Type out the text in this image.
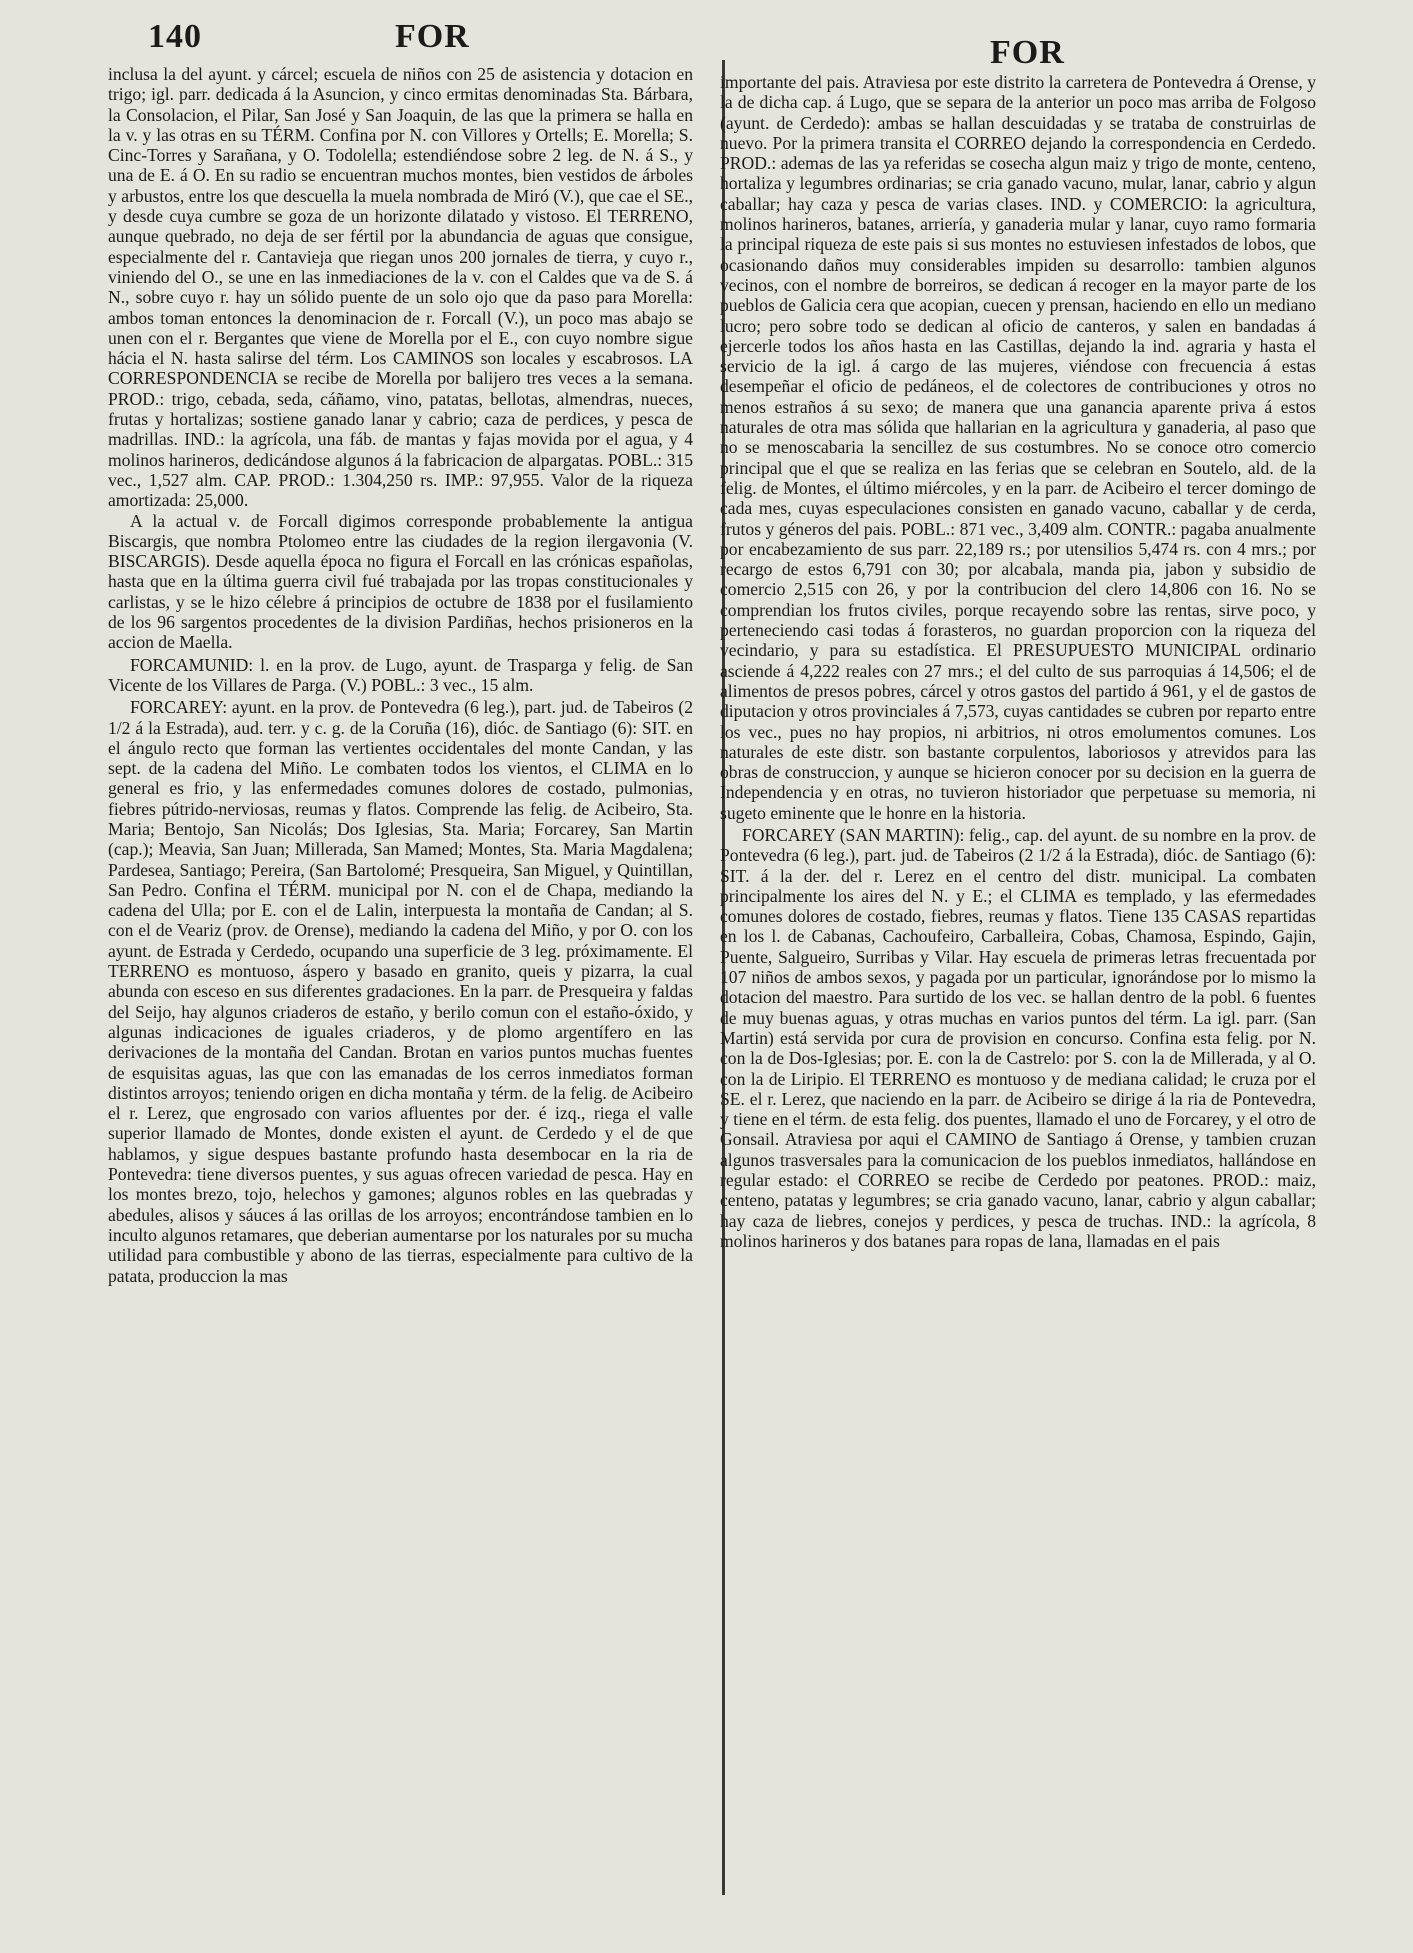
140	FOR	FOR

inclusa la del ayunt. y cárcel; escuela de niños con 25 de asistencia y dotacion en trigo; igl. parr. dedicada á la Asuncion, y cinco ermitas denominadas Sta. Bárbara, la Consolacion, el Pilar, San José y San Joaquin, de las que la primera se halla en la v. y las otras en su TÉRM. Confina por N. con Villores y Ortells; E. Morella; S. Cinc-Torres y Sarañana, y O. Todolella; estendiéndose sobre 2 leg. de N. á S., y una de E. á O. En su radio se encuentran muchos montes, bien vestidos de árboles y arbustos, entre los que descuella la muela nombrada de Miró (V.), que cae el SE., y desde cuya cumbre se goza de un horizonte dilatado y vistoso. El TERRENO, aunque quebrado, no deja de ser fértil por la abundancia de aguas que consigue, especialmente del r. Cantavieja que riegan unos 200 jornales de tierra, y cuyo r., viniendo del O., se une en las inmediaciones de la v. con el Caldes que va de S. á N., sobre cuyo r. hay un sólido puente de un solo ojo que da paso para Morella: ambos toman entonces la denominacion de r. Forcall (V.), un poco mas abajo se unen con el r. Bergantes que viene de Morella por el E., con cuyo nombre sigue hácia el N. hasta salirse del térm. Los CAMINOS son locales y escabrosos. LA CORRESPONDENCIA se recibe de Morella por balijero tres veces a la semana. PROD.: trigo, cebada, seda, cáñamo, vino, patatas, bellotas, almendras, nueces, frutas y hortalizas; sostiene ganado lanar y cabrio; caza de perdices, y pesca de madrillas. IND.: la agrícola, una fáb. de mantas y fajas movida por el agua, y 4 molinos harineros, dedicándose algunos á la fabricacion de alpargatas. POBL.: 315 vec., 1,527 alm. CAP. PROD.: 1.304,250 rs. IMP.: 97,955. Valor de la riqueza amortizada: 25,000.

A la actual v. de Forcall digimos corresponde probablemente la antigua Biscargis, que nombra Ptolomeo entre las ciudades de la region ilergavonia (V. BISCARGIS). Desde aquella época no figura el Forcall en las crónicas españolas, hasta que en la última guerra civil fué trabajada por las tropas constitucionales y carlistas, y se le hizo célebre á principios de octubre de 1838 por el fusilamiento de los 96 sargentos procedentes de la division Pardiñas, hechos prisioneros en la accion de Maella.

FORCAMUNID: l. en la prov. de Lugo, ayunt. de Trasparga y felig. de San Vicente de los Villares de Parga. (V.) POBL.: 3 vec., 15 alm.

FORCAREY: ayunt. en la prov. de Pontevedra (6 leg.), part. jud. de Tabeiros (2 1/2 á la Estrada), aud. terr. y c. g. de la Coruña (16), dióc. de Santiago (6): SIT. en el ángulo recto que forman las vertientes occidentales del monte Candan, y las sept. de la cadena del Miño. Le combaten todos los vientos, el CLIMA en lo general es frio, y las enfermedades comunes dolores de costado, pulmonias, fiebres pútrido-nerviosas, reumas y flatos. Comprende las felig. de Acibeiro, Sta. Maria; Bentojo, San Nicolás; Dos Iglesias, Sta. Maria; Forcarey, San Martin (cap.); Meavia, San Juan; Millerada, San Mamed; Montes, Sta. Maria Magdalena; Pardesea, Santiago; Pereira, (San Bartolomé; Presqueira, San Miguel, y Quintillan, San Pedro. Confina el TÉRM. municipal por N. con el de Chapa, mediando la cadena del Ulla; por E. con el de Lalin, interpuesta la montaña de Candan; al S. con el de Veariz (prov. de Orense), mediando la cadena del Miño, y por O. con los ayunt. de Estrada y Cerdedo, ocupando una superficie de 3 leg. próximamente. El TERRENO es montuoso, áspero y basado en granito, queis y pizarra, la cual abunda con esceso en sus diferentes gradaciones. En la parr. de Presqueira y faldas del Seijo, hay algunos criaderos de estaño, y berilo comun con el estaño-óxido, y algunas indicaciones de iguales criaderos, y de plomo argentífero en las derivaciones de la montaña del Candan. Brotan en varios puntos muchas fuentes de esquisitas aguas, las que con las emanadas de los cerros inmediatos forman distintos arroyos; teniendo origen en dicha montaña y térm. de la felig. de Acibeiro el r. Lerez, que engrosado con varios afluentes por der. é izq., riega el valle superior llamado de Montes, donde existen el ayunt. de Cerdedo y el de que hablamos, y sigue despues bastante profundo hasta desembocar en la ria de Pontevedra: tiene diversos puentes, y sus aguas ofrecen variedad de pesca. Hay en los montes brezo, tojo, helechos y gamones; algunos robles en las quebradas y abedules, alisos y sáuces á las orillas de los arroyos; encontrándose tambien en lo inculto algunos retamares, que deberian aumentarse por los naturales por su mucha utilidad para combustible y abono de las tierras, especialmente para cultivo de la patata, produccion la mas

importante del pais. Atraviesa por este distrito la carretera de Pontevedra á Orense, y la de dicha cap. á Lugo, que se separa de la anterior un poco mas arriba de Folgoso (ayunt. de Cerdedo): ambas se hallan descuidadas y se trataba de construirlas de nuevo. Por la primera transita el CORREO dejando la correspondencia en Cerdedo. PROD.: ademas de las ya referidas se cosecha algun maiz y trigo de monte, centeno, hortaliza y legumbres ordinarias; se cria ganado vacuno, mular, lanar, cabrio y algun caballar; hay caza y pesca de varias clases. IND. y COMERCIO: la agricultura, molinos harineros, batanes, arriería, y ganaderia mular y lanar, cuyo ramo formaria la principal riqueza de este pais si sus montes no estuviesen infestados de lobos, que ocasionando daños muy considerables impiden su desarrollo: tambien algunos vecinos, con el nombre de borreiros, se dedican á recoger en la mayor parte de los pueblos de Galicia cera que acopian, cuecen y prensan, haciendo en ello un mediano lucro; pero sobre todo se dedican al oficio de canteros, y salen en bandadas á ejercerle todos los años hasta en las Castillas, dejando la ind. agraria y hasta el servicio de la igl. á cargo de las mujeres, viéndose con frecuencia á estas desempeñar el oficio de pedáneos, el de colectores de contribuciones y otros no menos estraños á su sexo; de manera que una ganancia aparente priva á estos naturales de otra mas sólida que hallarian en la agricultura y ganaderia, al paso que no se menoscabaria la sencillez de sus costumbres. No se conoce otro comercio principal que el que se realiza en las ferias que se celebran en Soutelo, ald. de la felig. de Montes, el último miércoles, y en la parr. de Acibeiro el tercer domingo de cada mes, cuyas especulaciones consisten en ganado vacuno, caballar y de cerda, frutos y géneros del pais. POBL.: 871 vec., 3,409 alm. CONTR.: pagaba anualmente por encabezamiento de sus parr. 22,189 rs.; por utensilios 5,474 rs. con 4 mrs.; por recargo de estos 6,791 con 30; por alcabala, manda pia, jabon y subsidio de comercio 2,515 con 26, y por la contribucion del clero 14,806 con 16. No se comprendian los frutos civiles, porque recayendo sobre las rentas, sirve poco, y perteneciendo casi todas á forasteros, no guardan proporcion con la riqueza del vecindario, y para su estadística. El PRESUPUESTO MUNICIPAL ordinario asciende á 4,222 reales con 27 mrs.; el del culto de sus parroquias á 14,506; el de alimentos de presos pobres, cárcel y otros gastos del partido á 961, y el de gastos de diputacion y otros provinciales á 7,573, cuyas cantidades se cubren por reparto entre los vec., pues no hay propios, ni arbitrios, ni otros emolumentos comunes. Los naturales de este distr. son bastante corpulentos, laboriosos y atrevidos para las obras de construccion, y aunque se hicieron conocer por su decision en la guerra de Independencia y en otras, no tuvieron historiador que perpetuase su memoria, ni sugeto eminente que le honre en la historia.

FORCAREY (SAN MARTIN): felig., cap. del ayunt. de su nombre en la prov. de Pontevedra (6 leg.), part. jud. de Tabeiros (2 1/2 á la Estrada), dióc. de Santiago (6): SIT. á la der. del r. Lerez en el centro del distr. municipal. La combaten principalmente los aires del N. y E.; el CLIMA es templado, y las efermedades comunes dolores de costado, fiebres, reumas y flatos. Tiene 135 CASAS repartidas en los l. de Cabanas, Cachoufeiro, Carballeira, Cobas, Chamosa, Espindo, Gajin, Puente, Salgueiro, Surribas y Vilar. Hay escuela de primeras letras frecuentada por 107 niños de ambos sexos, y pagada por un particular, ignorándose por lo mismo la dotacion del maestro. Para surtido de los vec. se hallan dentro de la pobl. 6 fuentes de muy buenas aguas, y otras muchas en varios puntos del térm. La igl. parr. (San Martin) está servida por cura de provision en concurso. Confina esta felig. por N. con la de Dos-Iglesias; por. E. con la de Castrelo: por S. con la de Millerada, y al O. con la de Liripio. El TERRENO es montuoso y de mediana calidad; le cruza por el SE. el r. Lerez, que naciendo en la parr. de Acibeiro se dirige á la ria de Pontevedra, y tiene en el térm. de esta felig. dos puentes, llamado el uno de Forcarey, y el otro de Gonsail. Atraviesa por aqui el CAMINO de Santiago á Orense, y tambien cruzan algunos trasversales para la comunicacion de los pueblos inmediatos, hallándose en regular estado: el CORREO se recibe de Cerdedo por peatones. PROD.: maiz, centeno, patatas y legumbres; se cria ganado vacuno, lanar, cabrio y algun caballar; hay caza de liebres, conejos y perdices, y pesca de truchas. IND.: la agrícola, 8 molinos harineros y dos batanes para ropas de lana, llamadas en el pais
